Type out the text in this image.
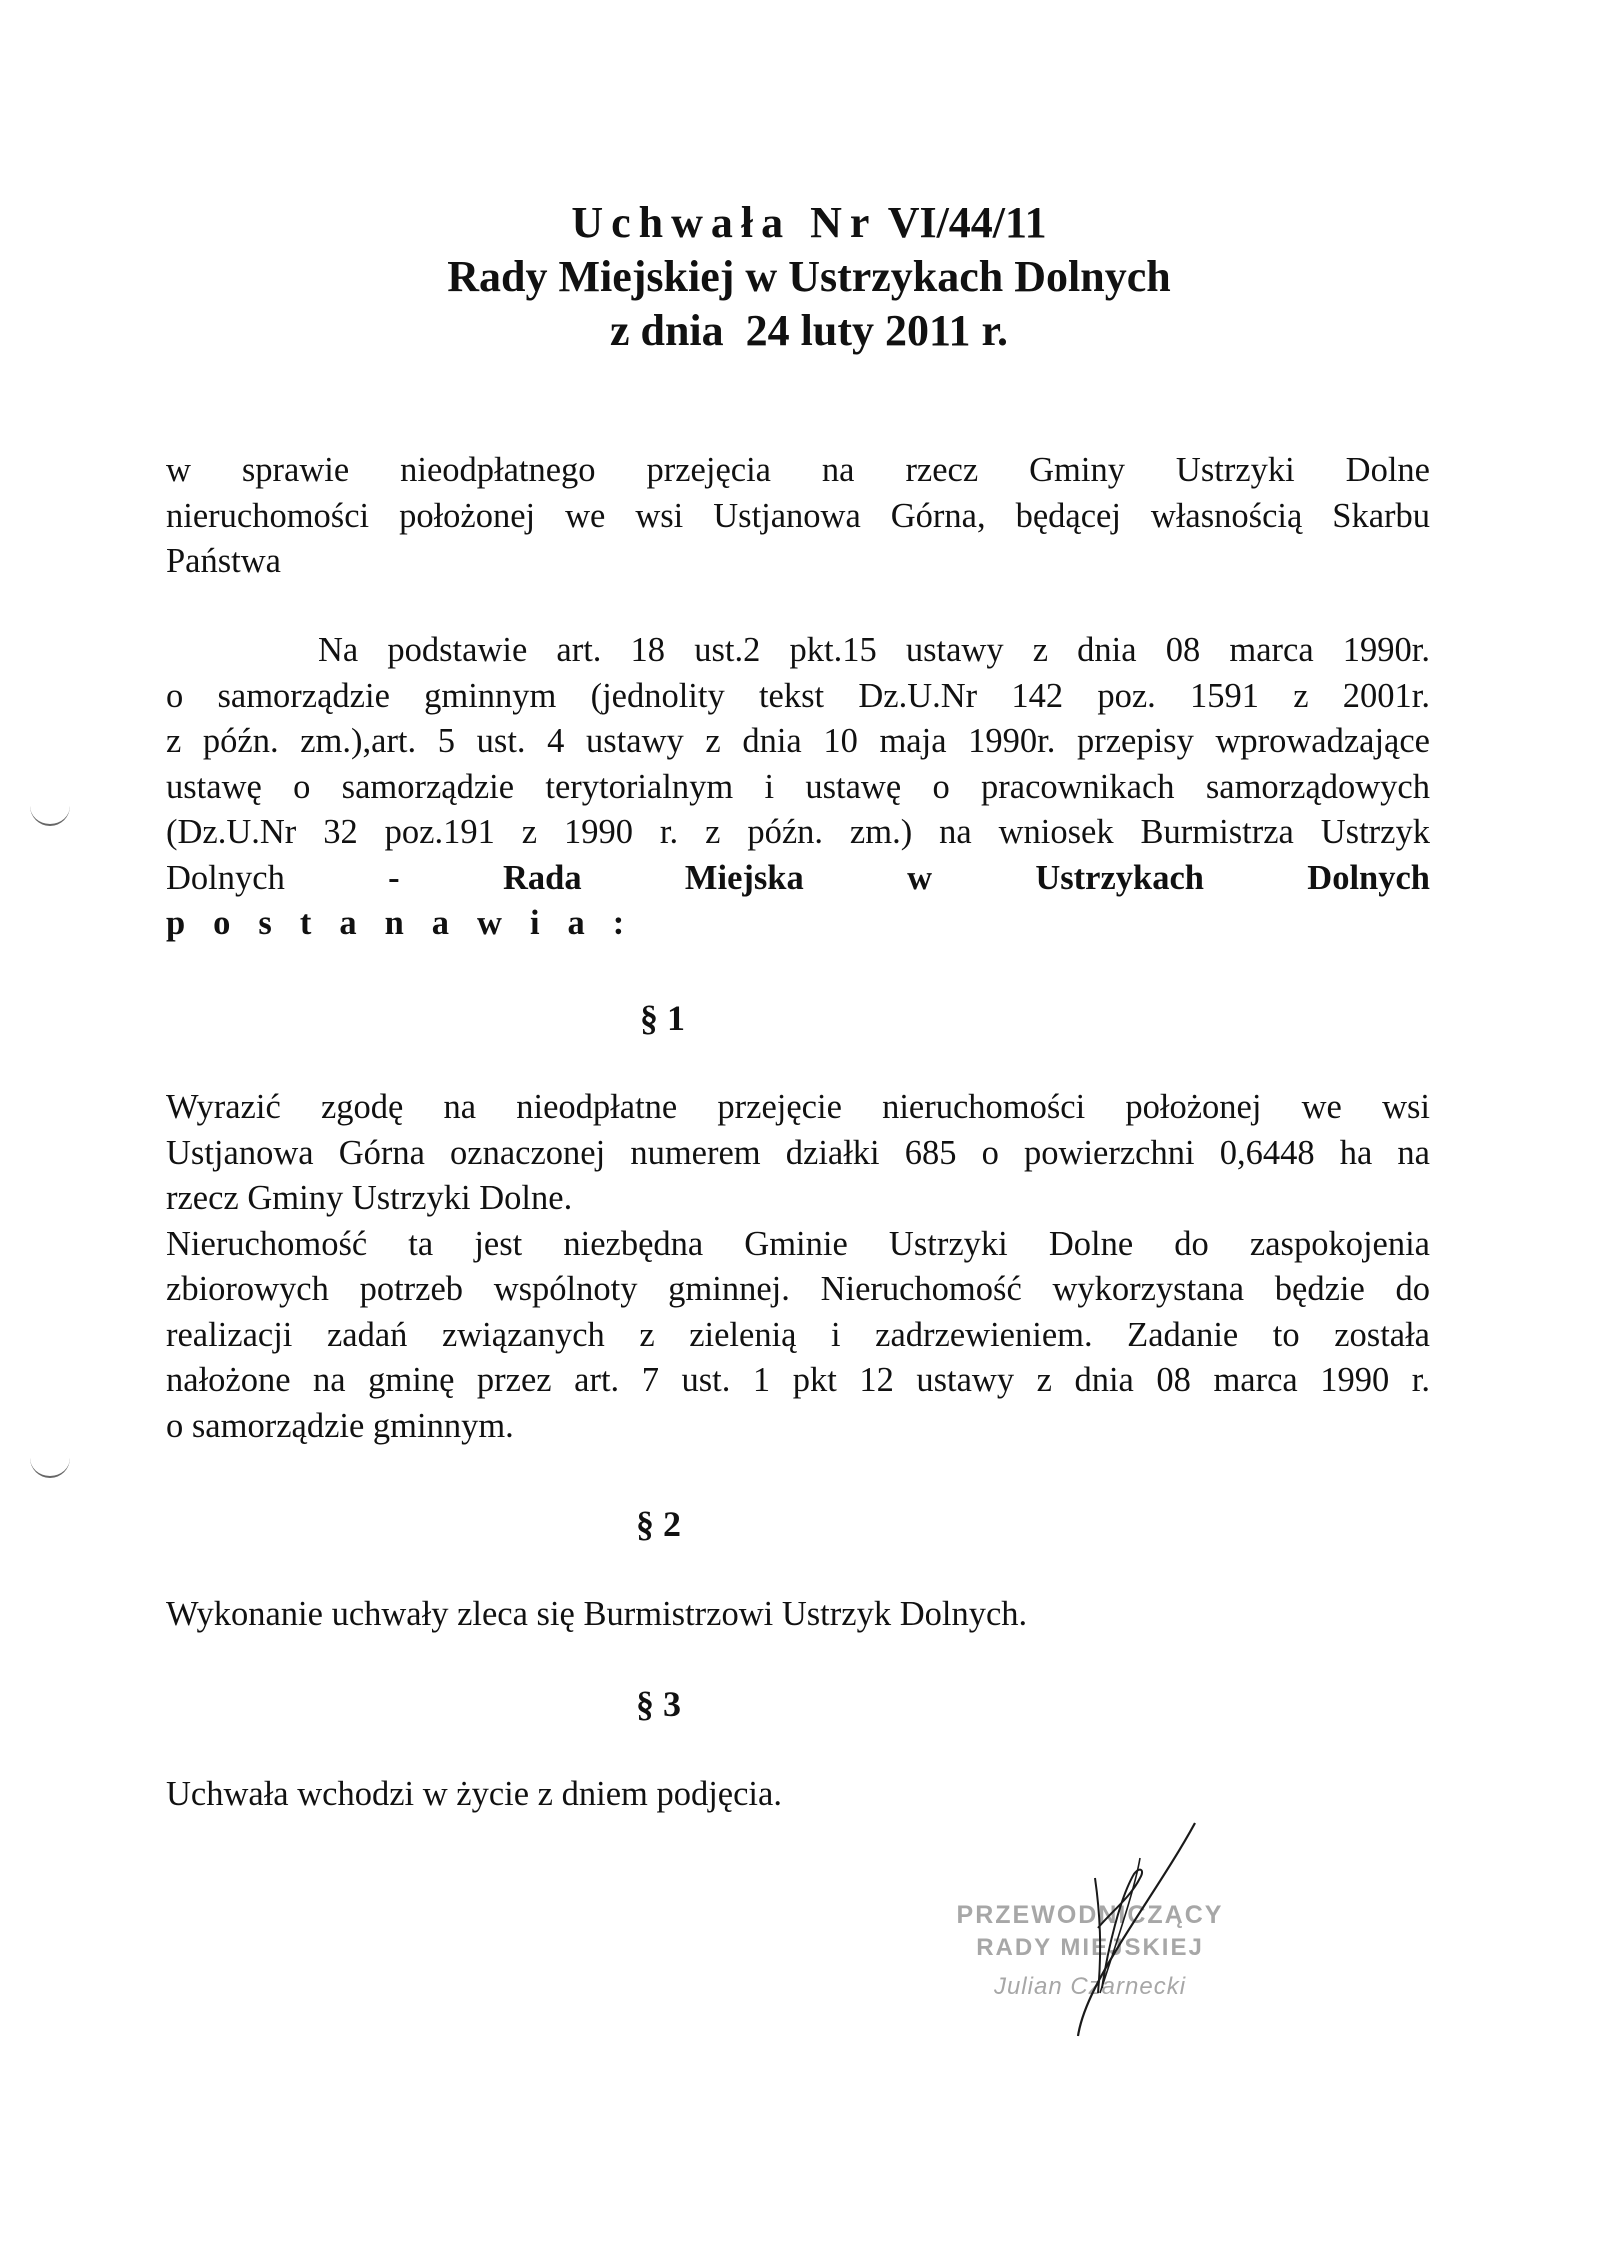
Uchwała Nr VI/44/11
Rady Miejskiej w Ustrzykach Dolnych
z dnia  24 luty 2011 r.
w sprawie nieodpłatnego przejęcia na rzecz Gminy Ustrzyki Dolne
nieruchomości położonej we wsi Ustjanowa Górna, będącej własnością Skarbu
Państwa
Na podstawie art. 18 ust.2 pkt.15 ustawy z dnia 08 marca 1990r.
o samorządzie gminnym (jednolity tekst Dz.U.Nr 142 poz. 1591 z 2001r.
z późn. zm.),art. 5 ust. 4 ustawy z dnia 10 maja 1990r. przepisy wprowadzające
ustawę o samorządzie terytorialnym i ustawę o pracownikach samorządowych
(Dz.U.Nr 32 poz.191 z 1990 r. z późn. zm.) na wniosek Burmistrza Ustrzyk
Dolnych	- Rada Miejska w Ustrzykach Dolnych
postanawia:
§ 1
Wyrazić zgodę na nieodpłatne przejęcie nieruchomości położonej we wsi
Ustjanowa Górna oznaczonej numerem działki 685 o powierzchni 0,6448 ha na
rzecz Gminy Ustrzyki Dolne.
Nieruchomość ta jest niezbędna Gminie Ustrzyki Dolne do zaspokojenia
zbiorowych potrzeb wspólnoty gminnej. Nieruchomość wykorzystana będzie do
realizacji zadań związanych z zielenią i zadrzewieniem. Zadanie to została
nałożone na gminę przez art. 7 ust. 1 pkt 12 ustawy z dnia 08 marca 1990 r.
o samorządzie gminnym.
§ 2
Wykonanie uchwały zleca się Burmistrzowi Ustrzyk Dolnych.
§ 3
Uchwała wchodzi w życie z dniem podjęcia.
PRZEWODNICZĄCY
RADY MIEJSKIEJ
Julian Czarnecki
